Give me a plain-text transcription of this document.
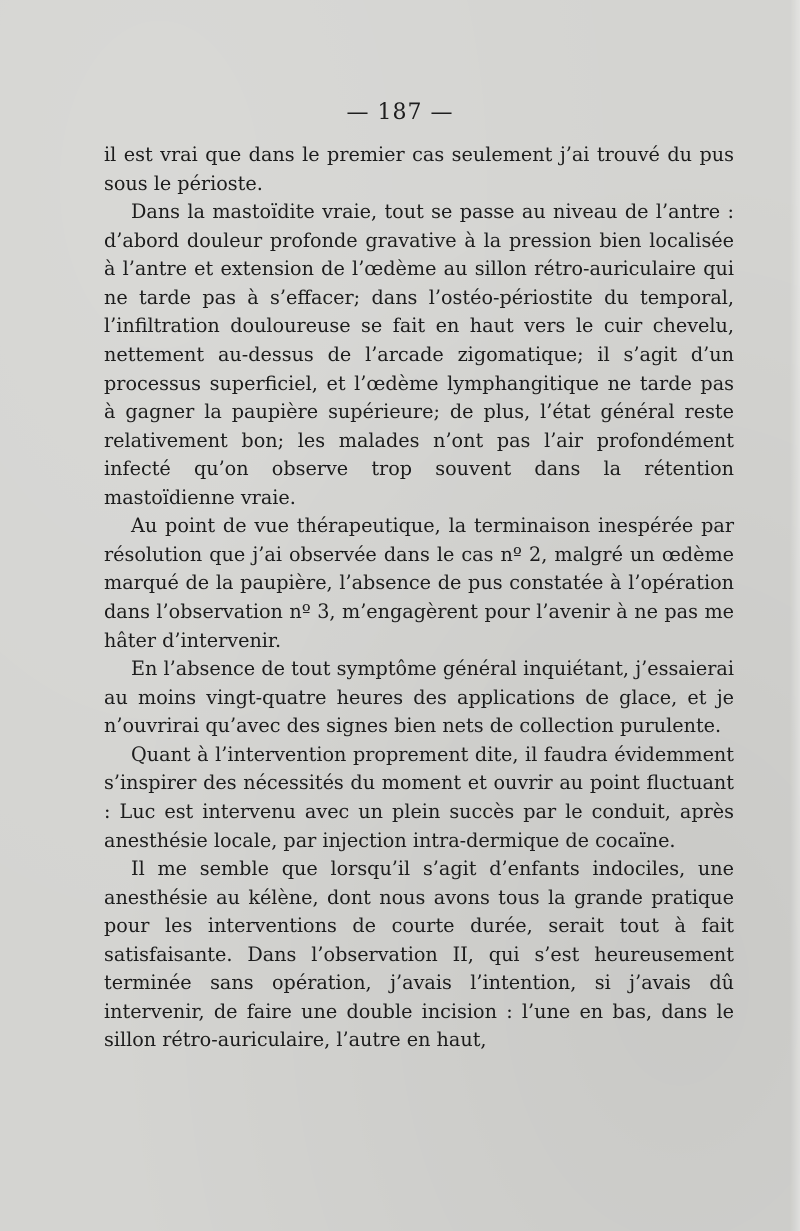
— 187 —

il est vrai que dans le premier cas seulement j’ai trouvé du pus sous le périoste.

Dans la mastoïdite vraie, tout se passe au niveau de l’antre : d’abord douleur profonde gravative à la pression bien localisée à l’antre et extension de l’œdème au sillon rétro-auriculaire qui ne tarde pas à s’effacer; dans l’ostéo-périostite du temporal, l’infiltration douloureuse se fait en haut vers le cuir chevelu, nettement au-dessus de l’arcade zigomatique; il s’agit d’un processus superficiel, et l’œdème lymphangitique ne tarde pas à gagner la paupière supérieure; de plus, l’état général reste relativement bon; les malades n’ont pas l’air profondément infecté qu’on observe trop souvent dans la rétention mastoïdienne vraie.

Au point de vue thérapeutique, la terminaison inespérée par résolution que j’ai observée dans le cas nº 2, malgré un œdème marqué de la paupière, l’absence de pus constatée à l’opération dans l’observation nº 3, m’engagèrent pour l’avenir à ne pas me hâter d’intervenir.

En l’absence de tout symptôme général inquiétant, j’essaierai au moins vingt-quatre heures des applications de glace, et je n’ouvrirai qu’avec des signes bien nets de collection purulente.

Quant à l’intervention proprement dite, il faudra évidemment s’inspirer des nécessités du moment et ouvrir au point fluctuant : Luc est intervenu avec un plein succès par le conduit, après anesthésie locale, par injection intra-dermique de cocaïne.

Il me semble que lorsqu’il s’agit d’enfants indociles, une anesthésie au kélène, dont nous avons tous la grande pratique pour les interventions de courte durée, serait tout à fait satisfaisante. Dans l’observation II, qui s’est heureusement terminée sans opération, j’avais l’intention, si j’avais dû intervenir, de faire une double incision : l’une en bas, dans le sillon rétro-auriculaire, l’autre en haut,
